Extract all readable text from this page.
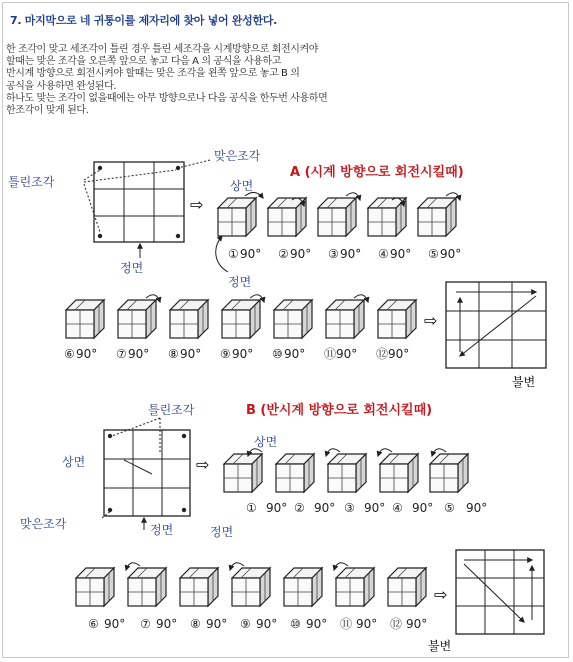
7. 마지막으로 네 귀퉁이를 제자리에 찾아 넣어 완성한다.
한 조각이 맞고 세조각이 틀린 경우 틀린 세조각을 시계방향으로 회전시켜야
할때는 맞은 조각을 오른쪽 앞으로 놓고 다음 A 의 공식을 사용하고
반시계 방향으로 회전시켜야 할때는 맞은 조각을 왼쪽 앞으로 놓고 B 의
공식을 사용하면 완성된다.
하나도 맞는 조각이 없을때에는 아무 방향으로나 다음 공식을 한두번 사용하면
한조각이 맞게 된다.
틀린조각
맞은조각
정면
A (시계 방향으로 회전시킬때)
상면
정면
⇨
① 90° ② 90° ③ 90° ④ 90° ⑤ 90°
⑥ 90° ⑦ 90° ⑧ 90° ⑨ 90° ⑩ 90° ⑪ 90° ⑫ 90°
⇨
불변
틀린조각
상면
맞은조각	정면
B (반시계 방향으로 회전시킬때)
상면
정면
⇨
① 90° ② 90° ③ 90° ④ 90° ⑤ 90°
⑥ 90° ⑦ 90° ⑧ 90° ⑨ 90° ⑩ 90° ⑪ 90° ⑫ 90°
⇨
불변
